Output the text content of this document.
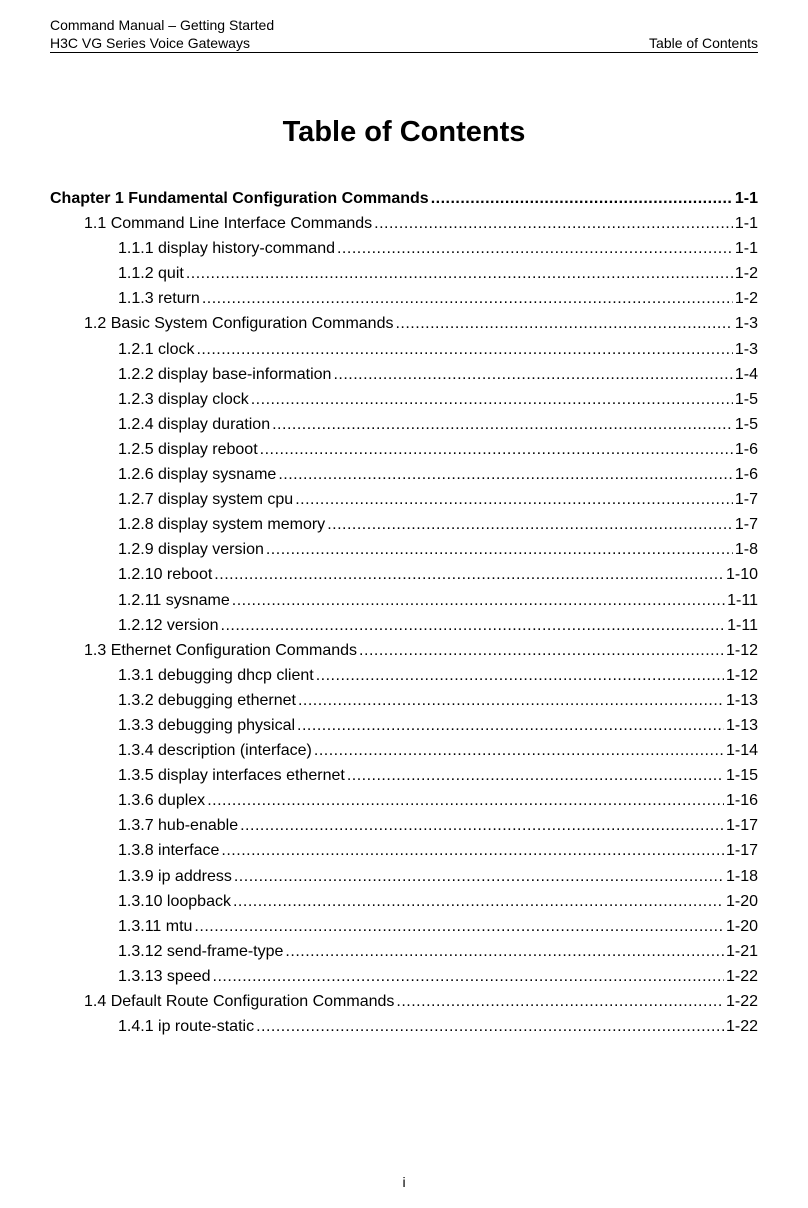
Command Manual – Getting Started
H3C VG Series Voice Gateways	Table of Contents
Table of Contents
Chapter 1 Fundamental Configuration Commands .....	1-1
1.1 Command Line Interface Commands .....	1-1
1.1.1 display history-command .....	1-1
1.1.2 quit .....	1-2
1.1.3 return .....	1-2
1.2 Basic System Configuration Commands .....	1-3
1.2.1 clock .....	1-3
1.2.2 display base-information .....	1-4
1.2.3 display clock .....	1-5
1.2.4 display duration .....	1-5
1.2.5 display reboot .....	1-6
1.2.6 display sysname .....	1-6
1.2.7 display system cpu .....	1-7
1.2.8 display system memory .....	1-7
1.2.9 display version .....	1-8
1.2.10 reboot .....	1-10
1.2.11 sysname .....	1-11
1.2.12 version .....	1-11
1.3 Ethernet Configuration Commands .....	1-12
1.3.1 debugging dhcp client .....	1-12
1.3.2 debugging ethernet .....	1-13
1.3.3 debugging physical .....	1-13
1.3.4 description (interface) .....	1-14
1.3.5 display interfaces ethernet .....	1-15
1.3.6 duplex .....	1-16
1.3.7 hub-enable .....	1-17
1.3.8 interface .....	1-17
1.3.9 ip address .....	1-18
1.3.10 loopback .....	1-20
1.3.11 mtu .....	1-20
1.3.12 send-frame-type .....	1-21
1.3.13 speed .....	1-22
1.4 Default Route Configuration Commands .....	1-22
1.4.1 ip route-static .....	1-22
i
